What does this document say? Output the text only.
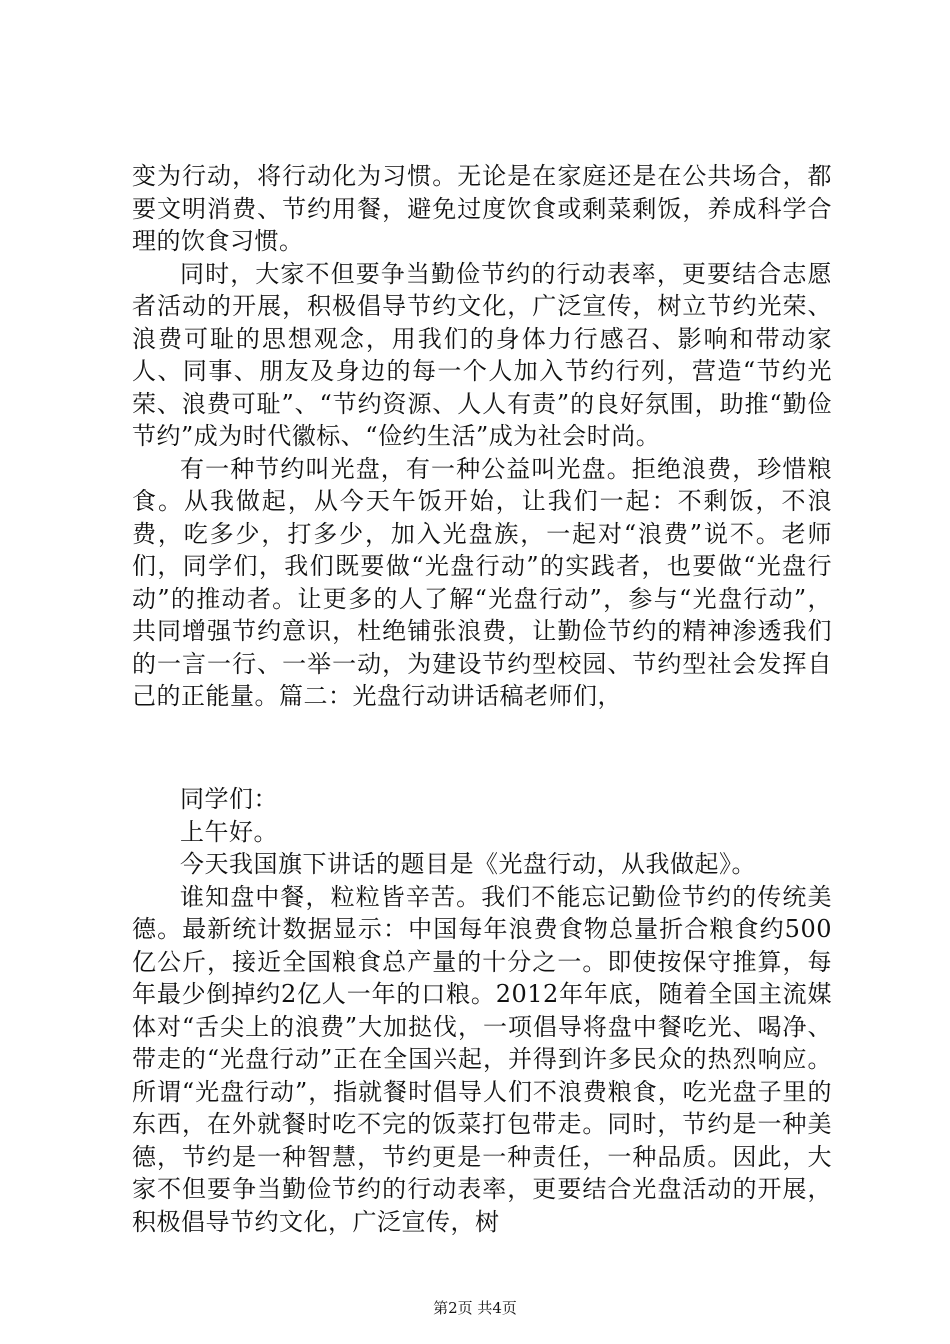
变为行动，将行动化为习惯。无论是在家庭还是在公共场合，都要文明消费、节约用餐，避免过度饮食或剩菜剩饭，养成科学合理的饮食习惯。

同时，大家不但要争当勤俭节约的行动表率，更要结合志愿者活动的开展，积极倡导节约文化，广泛宣传，树立节约光荣、浪费可耻的思想观念，用我们的身体力行感召、影响和带动家人、同事、朋友及身边的每一个人加入节约行列，营造“节约光荣、浪费可耻”、“节约资源、人人有责”的良好氛围，助推“勤俭节约”成为时代徽标、“俭约生活”成为社会时尚。

有一种节约叫光盘，有一种公益叫光盘。拒绝浪费，珍惜粮食。从我做起，从今天午饭开始，让我们一起：不剩饭，不浪费，吃多少，打多少，加入光盘族，一起对“浪费”说不。老师们，同学们，我们既要做“光盘行动”的实践者，也要做“光盘行动”的推动者。让更多的人了解“光盘行动”，参与“光盘行动”，共同增强节约意识，杜绝铺张浪费，让勤俭节约的精神渗透我们的一言一行、一举一动，为建设节约型校园、节约型社会发挥自己的正能量。篇二：光盘行动讲话稿老师们，

同学们：

上午好。

今天我国旗下讲话的题目是《光盘行动，从我做起》。

谁知盘中餐，粒粒皆辛苦。我们不能忘记勤俭节约的传统美德。最新统计数据显示：中国每年浪费食物总量折合粮食约500亿公斤，接近全国粮食总产量的十分之一。即使按保守推算，每年最少倒掉约2亿人一年的口粮。2012年年底，随着全国主流媒体对“舌尖上的浪费”大加挞伐，一项倡导将盘中餐吃光、喝净、带走的“光盘行动”正在全国兴起，并得到许多民众的热烈响应。所谓“光盘行动”，指就餐时倡导人们不浪费粮食，吃光盘子里的东西，在外就餐时吃不完的饭菜打包带走。同时，节约是一种美德，节约是一种智慧，节约更是一种责任，一种品质。因此，大家不但要争当勤俭节约的行动表率，更要结合光盘活动的开展，积极倡导节约文化，广泛宣传，树

第2页 共4页
